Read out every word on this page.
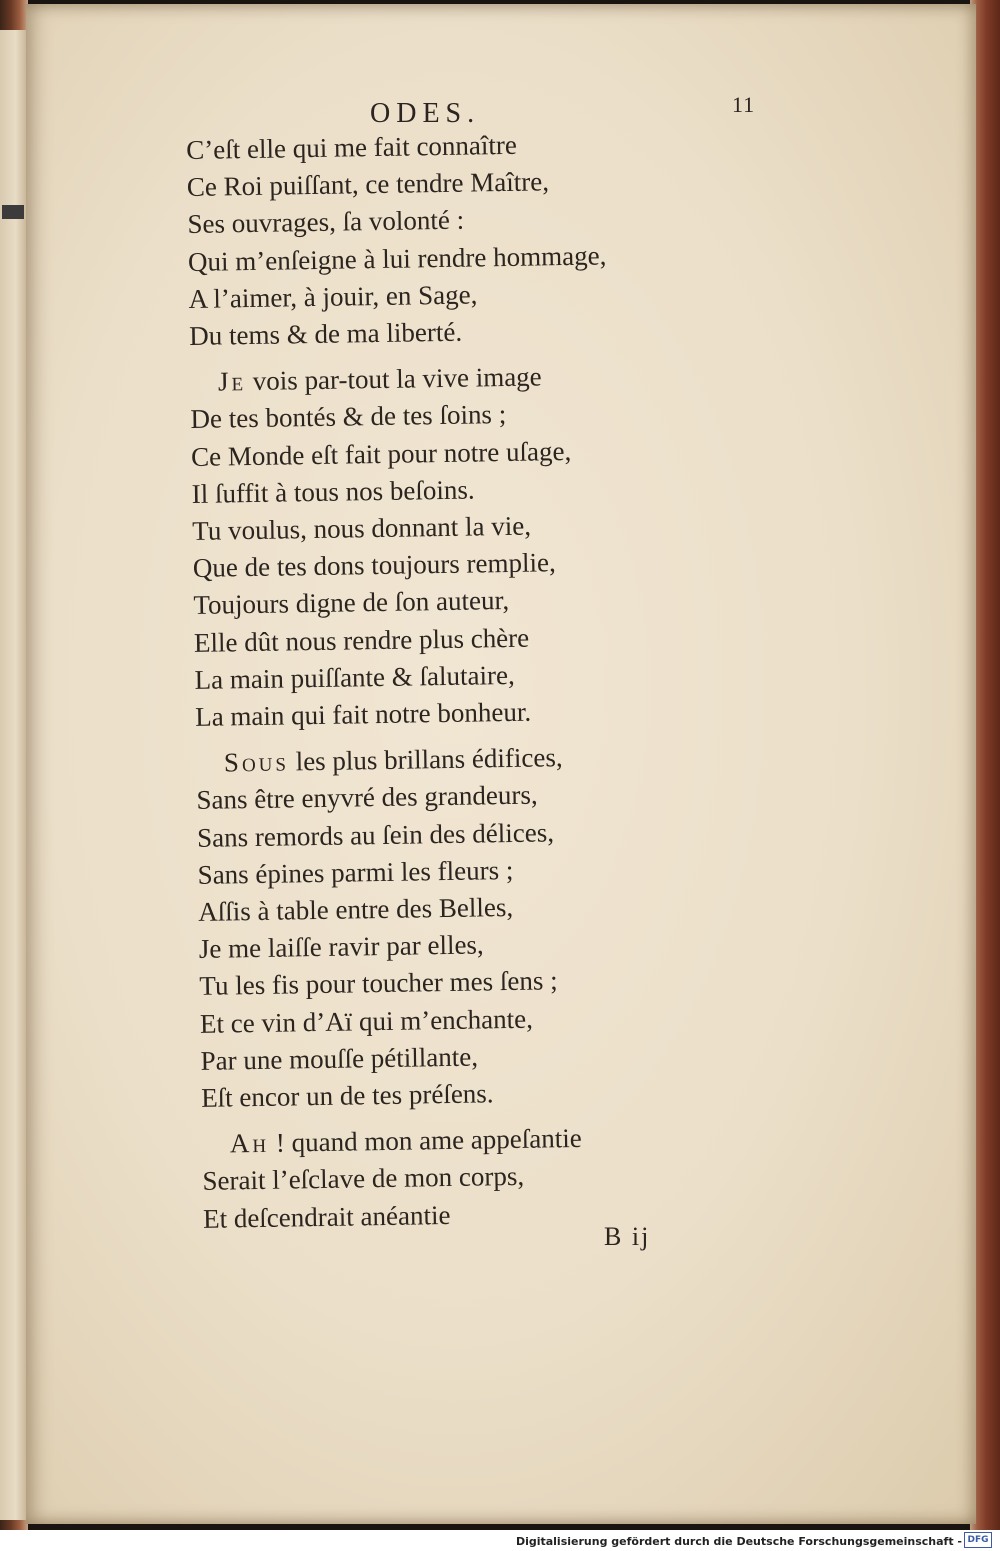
ODES.	11
C’eſt elle qui me fait connaître
Ce Roi puiſſant, ce tendre Maître,
Ses ouvrages, ſa volonté :
Qui m’enſeigne à lui rendre hommage,
A l’aimer, à jouir, en Sage,
Du tems & de ma liberté.
Je vois par-tout la vive image
De tes bontés & de tes ſoins ;
Ce Monde eſt fait pour notre uſage,
Il ſuffit à tous nos beſoins.
Tu voulus, nous donnant la vie,
Que de tes dons toujours remplie,
Toujours digne de ſon auteur,
Elle dût nous rendre plus chère
La main puiſſante & ſalutaire,
La main qui fait notre bonheur.
Sous les plus brillans édifices,
Sans être enyvré des grandeurs,
Sans remords au ſein des délices,
Sans épines parmi les fleurs ;
Aſſis à table entre des Belles,
Je me laiſſe ravir par elles,
Tu les fis pour toucher mes ſens ;
Et ce vin d’Aï qui m’enchante,
Par une mouſſe pétillante,
Eſt encor un de tes préſens.
Ah ! quand mon ame appeſantie
Serait l’eſclave de mon corps,
Et deſcendrait anéantie
B ij
Digitalisierung gefördert durch die Deutsche Forschungsgemeinschaft - DFG
